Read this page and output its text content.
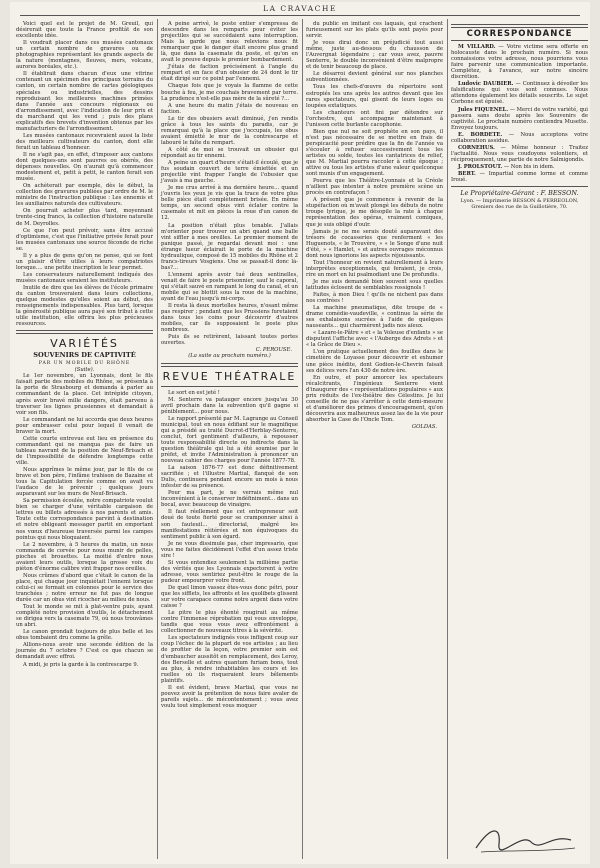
LA CRAVACHE

Voici quel est le projet de M. Greuil, qui désirerait que toute la France profitât de son excellente idée.

Il voudrait placer dans ces musées cantonaux un certain nombre de gravures ou de photographies représentant les grands aspects de la nature (montagnes, fleuves, mers, volcans, aurores boréales, etc.).

Il établirait dans chacun d'eux une vitrine contenant un spécimen des principaux terrains du canton, un certain nombre de cartes géologiques spéciales ou industrielles, des dessins reproduisant les meilleures machines primées dans l'année aux concours régionaux ou d'arrondissement, avec l'indication de leur prix et du marchand qui les vend ; puis des plans explicatifs des brevets d'invention obtenus par les manufacturiers de l'arrondissement.

Les musées cantonaux recevraient aussi la liste des meilleurs cultivateurs du canton, dont elle ferait un tableau d'honneur.

Il ne s'agit pas, en effet, d'imposer aux cantons dont quelques-uns sont pauvres ou obérés, des dépenses nouvelles. On n'aurait qu'à commencer modestement et, petit à petit, le canton ferait son musée.

On achèterait par exemple, dès le début, la collection des gravures publiées par ordre de M. le ministre de l'instruction publique : Les ennemis et les auxiliaires naturels des cultivateurs.

On pourrait acheter plus tard, moyennant trente-cinq francs, la collection d'histoire naturelle de M. Deyrolles.

Ce que l'on peut prévoir, sans être accusé d'optimisme, c'est que l'initiative privée ferait pour les musées cantonaux une source féconde de riche se.

Il y a plus de gens qu'on ne pense, qui se font un plaisir d'être utiles à leurs compatriotes lorsque.... une petite inscription le leur permet.

Les conservateurs naturellement indiqués des musées cantonaux seraient les instituteurs.

Inutile de dire que les élèves de l'école primaire du canton trouveraient dans leurs collections, quelque modestes qu'elles soient au début, des renseignements indispensables. Plus tard, lorsque la générosité publique aura payé son tribut à cette utile institution, elle offrira les plus précieuses ressources.

VARIÉTÉS
SOUVENIRS DE CAPTIVITÉ
PAR UN MOBILE DU RHÔNE
(Suite).

Le 1er novembre, un Lyonnais, dont le fils faisait partie des mobiles du Rhône, se présenta à la porte de Strasbourg et demanda à parler au commandant de la place. Cet intrépide citoyen, après avoir bravé mille dangers, était parvenu à traverser les lignes prussiennes et demandait à voir son fils.

Le commandant ne lui accorda que deux heures pour embrasser celui pour lequel il venait de braver la mort.

Cette courte entrevue eut lieu en présence du commandant qui ne manqua pas de faire un tableau navrant de la position de Neuf-Brisach et de l'impossibilité de défendre longtemps cette ville.

Nous apprîmes le même jour, par le fils de ce brave et bon père, l'infâme trahison de Bazaine et tous la Capitulation forcée comme on avait vu l'audace de le prévenir ; quelques jours auparavant sur les murs de Neuf-Brisach.

Sa permission écoulée, notre compatriote voulut bien se charger d'une véritable cargaison de lettres ou billets adressés à nos parents et amis. Toute cette correspondance parvint à destination et notre obligeant messager partit en emportant nos vœux d'heureuse traversée parmi les campes pointus qui nous bloquaient.

Le 2 novembre, à 5 heures du matin, un nous commanda de corvée pour nous munir de pelles, pioches et brouettes. La moitié d'entre nous avaient leurs outils, lorsque la grosse voix du piéton d'énorme calibre vint frapper nos oreilles.

Nous crûmes d'abord que c'était le canon de la place, qui chaque jour inquiétait l'ennemi lorsque celui-ci se formait en colonnes pour le service des tranchées ; notre erreur ne fut pas de longue durée car un obus vint ricocher au milieu de nous.

Tout le monde se mit à plat-ventre puis, ayant complété notre provision d'outils, le détachement se dirigea vers la casemate 79, où nous trouvâmes un abri.

Le canon grondait toujours de plus belle et les obus tombaient dru comme la grêle.

Allions-nous avoir une seconde édition de la journée du 7 octobre ? C'est ce que chacun se demandait avec effroi.

A midi, je pris la garde à la contrescarpe 9.

A peine arrivé, le poste entier s'empressa de descendre dans les remparts pour éviter les projectiles qui se succédaient sans interruption. Mais la garde que nous relevions nous fit remarquer que le danger était encore plus grand là, que dans la casemate du poste, et qu'on en avait le preuve depuis le premier bombardement.

J'étais de faction précisément à l'angle du rempart et en face d'un obusier de 24 dont le tir était dirigé sur ce point par l'ennemi.

Chaque fois que je voyais la flamme de cette bouche à feu, je me couchais bravement par terre. La prudence n'est-elle pas mère de la sûreté ?...

A une heure du matin j'étais de nouveau en faction.

Le tir des obusiers avait diminué, j'en rendis grâce à tous les saints du paradis, car je remarquai qu'à la place que j'occupais, les obus avaient émietté le mur de la contrescarpe et labouré le faîte du rempart.

A côté de moi se trouvait un obusier qui répondait au tir ennemi.

A peine un quart d'heure s'était-il écoulé, que je fus soudain couvert de terre émiettée et un projectile vint frapper l'angle de l'obusier que j'avais à ma gauche.

Je me crus arrivé à ma dernière heure... quand j'ouvris les yeux je vis que la trace de votre plus belle pièce était complètement brisée. En même temps, un second obus vint éclater contre la casemate et mit en pièces la roue d'un canon de 12.

La position n'était plus tenable. J'allais m'orienter pour trouver un abri quand une balle vint siffler à mes oreilles. Le premier moment de panique passé, je regardai devant moi : une étrange lueur éclairait le porte de la machine hydraulique, composé de 15 mobiles du Rhône et 2 francs-tireurs Vosgiens. Une se passait-il donc là-bas?...

L'ennemi après avoir tué deux sentinelles, venait de faire le poste prisonnier, sauf le caporal, qui s'était sauvé en rampant le long du canal, et un mobile qui se blottit sous la roue de la machine, ayant de l'eau jusqu'à mi-corps.

Il resta là deux mortelles heures, n'osant même pas respirer ; pendant que les Prussiens furetaient dans tous les coins pour découvrir d'autres mobiles, car ils supposaient le poste plus nombreux.

Puis ils se retirèrent, laissant toutes portes ouvertes.

C. PEROUSE.
(La suite au prochain numéro.)
REVUE THÉATRALE

Le sort en est jeté !

M. Senterre va patauger encore jusqu'au 30 avril prochain dans la subvention qu'il gagne si péniblement... pour nous.

Le rapport présenté par M. Lagrange au Conseil municipal, tout en nous édifiant sur le magnifique qui a présidé au traité Ducrot-d'Herblay-Senterre, conclut, fort gentiment d'ailleurs, à repousser toute responsabilité directe ou indirecte dans la question théâtrale qui lui a été soumise par le préfet, et invite l'Administration à prononcer un nouveau cahier des charges pour l'année 1877-78.

La saison 1876-77 est donc définitivement sacrifiée ; et l'illustre Martial, flanqué de son Dulis, continuera pendant encore un mois à nous infester de sa présence.

Pour ma part, je ne verrais même nul inconvénient à le conserver indéfiniment... dans un bocal, avec beaucoup de vinaigre.

Il faut réellement que cet entrepreneur soit doué de toute fierté pour se cramponner ainsi à son fauteuil... directorial, malgré les manifestations réitérées et non équivoques du sentiment public à son égard.

Je ne vous dissimule pas, cher impresario, que vous me faites décidément l'effet d'un assez triste sire !

Si vous entendiez seulement la millième partie des vérités que les Lyonnais expectorent à votre adresse, vous sentiriez peut-être le rouge de la pudeur empourprer votre front.

De quel limon vassez êtes-vous donc pétri, pour que les sifflets, les affronts et les quolibets glissent sur votre carapace comme notre argent dans votre caisse ?

Le pitre le plus éhonté rougirait au même contre l'immense réprobation qui vous enveloppe, tandis que vous vous avez effrontément à collectionner de nouveaux titres à la sévérité.

Les spectateurs indignés vous infligent coup sur coup l'échec de la plupart de vos artistes ; au lieu de profiter de la leçon, votre premier soin est d'embaucher aussitôt en remplacement, des Leroy, des Berselle et autres quantum furiam bons, tout au plus, à rendre inhabitables les cours et les ruelles où ils risqueraient leurs bêlements plaintifs.

Il est évident, brave Martial, que vous ne pouvez avoir la prétention de nous faire avaler de pareils sujets... de mécontentement ; vous avez voulu tout simplement vous moquer

du public en imitant ces laquais, qui crachent furieusement sur les plats qu'ils sont payés pour servir.

Je vous dirai donc un préjudicié tout aussi même, juste au-dessous du chausson de l'Auvergnat légendaire ; car vous avez, pauvre Senterre, le double inconvénient d'être malpropre et de tenir beaucoup de place.

Le désarroi devient général sur nos planches subventionnées.

Tous les chefs-d'œuvre du répertoire sont estropiés les uns après les autres devant que les rares spectateurs, qui gisent de leurs loges ou loupées extatiques.

Les chanteurs ont fini par détendre sur l'orchestre, qui accompagne maintenant à l'unisson cette burlante cacophonie.

Bien que nul ne soit prophète en son pays, il n'est pas nécessaire de se mettre en frais de perspicacité pour prédire que la fin de l'année va s'écouler à refuser successivement tous les artistes ou solde, toutes les cantatrices de relief, que M. Martial pourra raccoler à cette époque ; attive ou tous les artistes d'une valeur quelconque sont munis d'un engagement.

Pourvu que les Théâtre-Lyonnais et la Créole n'aillent pas intenter à notre première scène un procès en contrefaçon !

A présent que je commence à revenir de la stupéfaction où m'avait plongé les débuts de notre troupe lyrique, je me désopile la rate à chaque représentation des opéras, vraiment comiques, que je suis obligé d'ouïr.

Jamais je ne me serais douté auparavant des trésors de cocasseries que renferment « les Huguenots, « le Trouvère, » « le Songe d'une nuit d'été, » « Hamlet, » et autres ouvrages méconnus dont nous ignorions les aspects réjouissants.

Tout l'honneur en revient naturellement à leurs interprètes exceptionnels, qui feraient, je crois, rire un mort en lui psalmodiant une De profundis.

Je me suis demandé bien souvent sous quelles latitudes éclosent de semblables rossignols !

Faites, à mon Dieu ! qu'ils ne nichent pas dans nos contrées !

La machine pneumatique, dite troupe de « drame comédie-vaudeville, » continue la série de ses exhalaisons sucrées à l'aide de quelques nauseants... qui charmèrent jadis nos aïeux.

« Lazare-le-Pâtre » et « la Voleuse d'enfants » se disputent l'affiche avec « l'Auberge des Adrets » et « la Grâce de Dieu ».

L'on pratique actuellement des fouilles dans le cimetière de Loyasse pour découvrir et exhumer une pièce inédite, dont Godion-le-Chevrin faisait ses délices vers l'an 430 de notre ère.

En outre, et pour amorcer les spectateurs récalcitrants, l'ingénieux Senterre vient d'inaugurer des « représentations populaires » aux prix réduits de l'ex-théâtre des Célestins. Je lui conseille de ne pas s'arrêter à cette demi-mesure et d'améliorer des primes d'encouragement, qu'on découvrira aux malheureux assez las de la vie pour absorber la Case de l'Oncle Tom.

GOLDAS.
CORRESPONDANCE

M VILLARD. — Votre victime sera offerte en holocauste dans le prochain numéro. Si nous connaissions votre adresse, nous pourrions vous faire parvenir une communication importante. Complétez, à l'avance, sur notre sincère discrétion.

Ludovic DAUBIER. — Continuez à dévoiler les falsifications qui vous sont connues. Nous attendons également les détails souscrits. Le sujet Corbone est épuisé.

Jules FIQUENEL. — Merci de votre variété, qui passera sans doute après les Souvenirs de captivité. Le prochain numéro contiendra Musette. Envoyez toujours.

E. BORDETE. — Nous acceptons votre collaboration assidue.

CORNEHUS. — Même honneur : Traitez l'actualité. Nous vous coudoyons volontiers, et réciproquement, une partie de notre Salmigondis.

J. PROLSTOUT. — Non bis in idem.

BERT. — Impartial comme lorme et comme Iroué.

Le Propriétaire-Gérant : F. BESSON.
Lyon. — Imprimerie BESSON & PERREOLON, Greniers des rue de la Guillotière, 70.
